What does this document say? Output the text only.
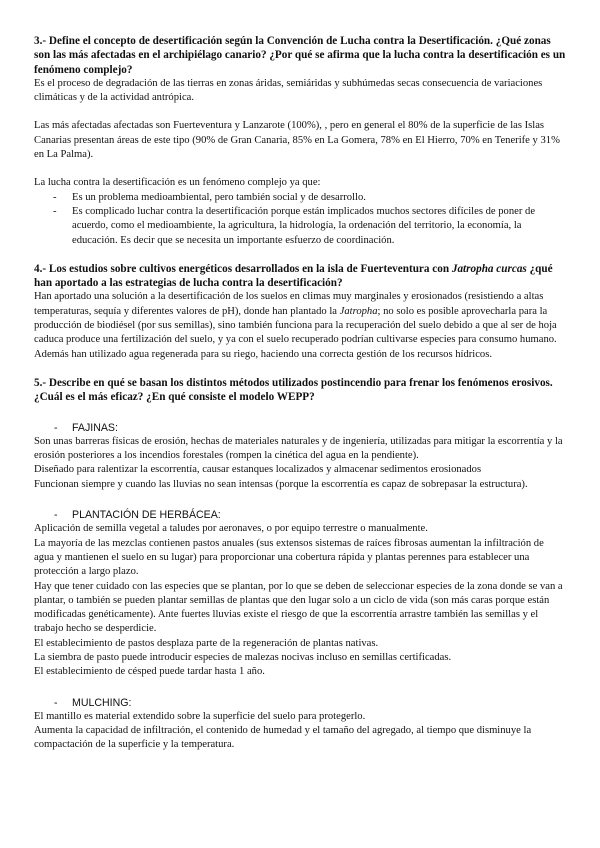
3.- Define el concepto de desertificación según la Convención de Lucha contra la Desertificación. ¿Qué zonas son las más afectadas en el archipiélago canario? ¿Por qué se afirma que la lucha contra la desertificación es un fenómeno complejo?

Es el proceso de degradación de las tierras en zonas áridas, semiáridas y subhúmedas secas consecuencia de variaciones climáticas y de la actividad antrópica.

Las más afectadas afectadas son Fuerteventura y Lanzarote (100%), , pero en general el 80% de la superficie de las Islas Canarias presentan áreas de este tipo (90% de Gran Canaria, 85% en La Gomera, 78% en El Hierro, 70% en Tenerife y 31% en La Palma).

La lucha contra la desertificación es un fenómeno complejo ya que:

- Es un problema medioambiental, pero también social y de desarrollo.
- Es complicado luchar contra la desertificación porque están implicados muchos sectores difíciles de poner de acuerdo, como el medioambiente, la agricultura, la hidrología, la ordenación del territorio, la economía, la educación. Es decir que se necesita un importante esfuerzo de coordinación.

4.- Los estudios sobre cultivos energéticos desarrollados en la isla de Fuerteventura con Jatropha curcas ¿qué han aportado a las estrategias de lucha contra la desertificación?

Han aportado una solución a la desertificación de los suelos en climas muy marginales y erosionados (resistiendo a altas temperaturas, sequía y diferentes valores de pH), donde han plantado la Jatropha; no solo es posible aprovecharla para la producción de biodiésel (por sus semillas), sino también funciona para la recuperación del suelo debido a que al ser de hoja caduca produce una fertilización del suelo, y ya con el suelo recuperado podrían cultivarse especies para consumo humano. Además han utilizado agua regenerada para su riego, haciendo una correcta gestión de los recursos hídricos.

5.- Describe en qué se basan los distintos métodos utilizados postincendio para frenar los fenómenos erosivos. ¿Cuál es el más eficaz? ¿En qué consiste el modelo WEPP?

- FAJINAS:

Son unas barreras físicas de erosión, hechas de materiales naturales y de ingeniería, utilizadas para mitigar la escorrentía y la erosión posteriores a los incendios forestales (rompen la cinética del agua en la pendiente).

Diseñado para ralentizar la escorrentía, causar estanques localizados y almacenar sedimentos erosionados

Funcionan siempre y cuando las lluvias no sean intensas (porque la escorrentía es capaz de sobrepasar la estructura).

- PLANTACIÓN DE HERBÁCEA:

Aplicación de semilla vegetal a taludes por aeronaves, o por equipo terrestre o manualmente.

La mayoría de las mezclas contienen pastos anuales (sus extensos sistemas de raíces fibrosas aumentan la infiltración de agua y mantienen el suelo en su lugar) para proporcionar una cobertura rápida y plantas perennes para establecer una protección a largo plazo.

Hay que tener cuidado con las especies que se plantan, por lo que se deben de seleccionar especies de la zona donde se van a plantar, o también se pueden plantar semillas de plantas que den lugar solo a un ciclo de vida (son más caras porque están modificadas genéticamente). Ante fuertes lluvias existe el riesgo de que la escorrentía arrastre también las semillas y el trabajo hecho se desperdicie.

El establecimiento de pastos desplaza parte de la regeneración de plantas nativas.

La siembra de pasto puede introducir especies de malezas nocivas incluso en semillas certificadas.

El establecimiento de césped puede tardar hasta 1 año.

- MULCHING:

El mantillo es material extendido sobre la superficie del suelo para protegerlo.

Aumenta la capacidad de infiltración, el contenido de humedad y el tamaño del agregado, al tiempo que disminuye la compactación de la superficie y la temperatura.
